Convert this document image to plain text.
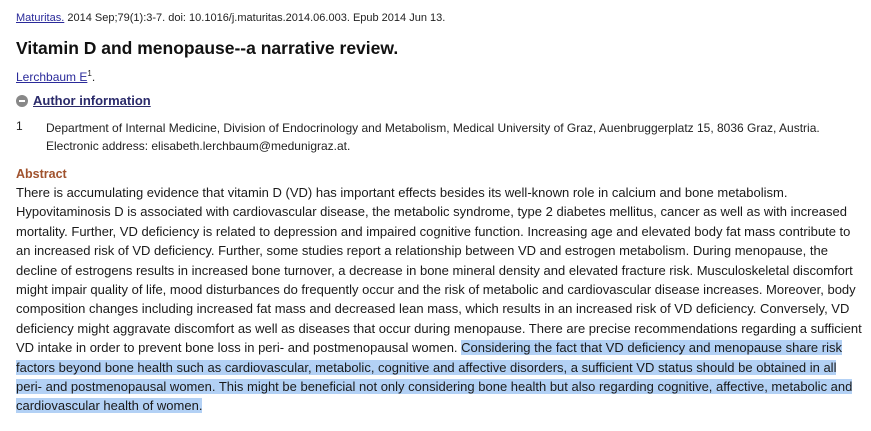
Maturitas. 2014 Sep;79(1):3-7. doi: 10.1016/j.maturitas.2014.06.003. Epub 2014 Jun 13.
Vitamin D and menopause--a narrative review.
Lerchbaum $E^1$.
Author information
1 Department of Internal Medicine, Division of Endocrinology and Metabolism, Medical University of Graz, Auenbruggerplatz 15, 8036 Graz, Austria. Electronic address: elisabeth.lerchbaum@medunigraz.at.
Abstract
There is accumulating evidence that vitamin D (VD) has important effects besides its well-known role in calcium and bone metabolism. Hypovitaminosis D is associated with cardiovascular disease, the metabolic syndrome, type 2 diabetes mellitus, cancer as well as with increased mortality. Further, VD deficiency is related to depression and impaired cognitive function. Increasing age and elevated body fat mass contribute to an increased risk of VD deficiency. Further, some studies report a relationship between VD and estrogen metabolism. During menopause, the decline of estrogens results in increased bone turnover, a decrease in bone mineral density and elevated fracture risk. Musculoskeletal discomfort might impair quality of life, mood disturbances do frequently occur and the risk of metabolic and cardiovascular disease increases. Moreover, body composition changes including increased fat mass and decreased lean mass, which results in an increased risk of VD deficiency. Conversely, VD deficiency might aggravate discomfort as well as diseases that occur during menopause. There are precise recommendations regarding a sufficient VD intake in order to prevent bone loss in peri- and postmenopausal women. Considering the fact that VD deficiency and menopause share risk factors beyond bone health such as cardiovascular, metabolic, cognitive and affective disorders, a sufficient VD status should be obtained in all peri- and postmenopausal women. This might be beneficial not only considering bone health but also regarding cognitive, affective, metabolic and cardiovascular health of women.
